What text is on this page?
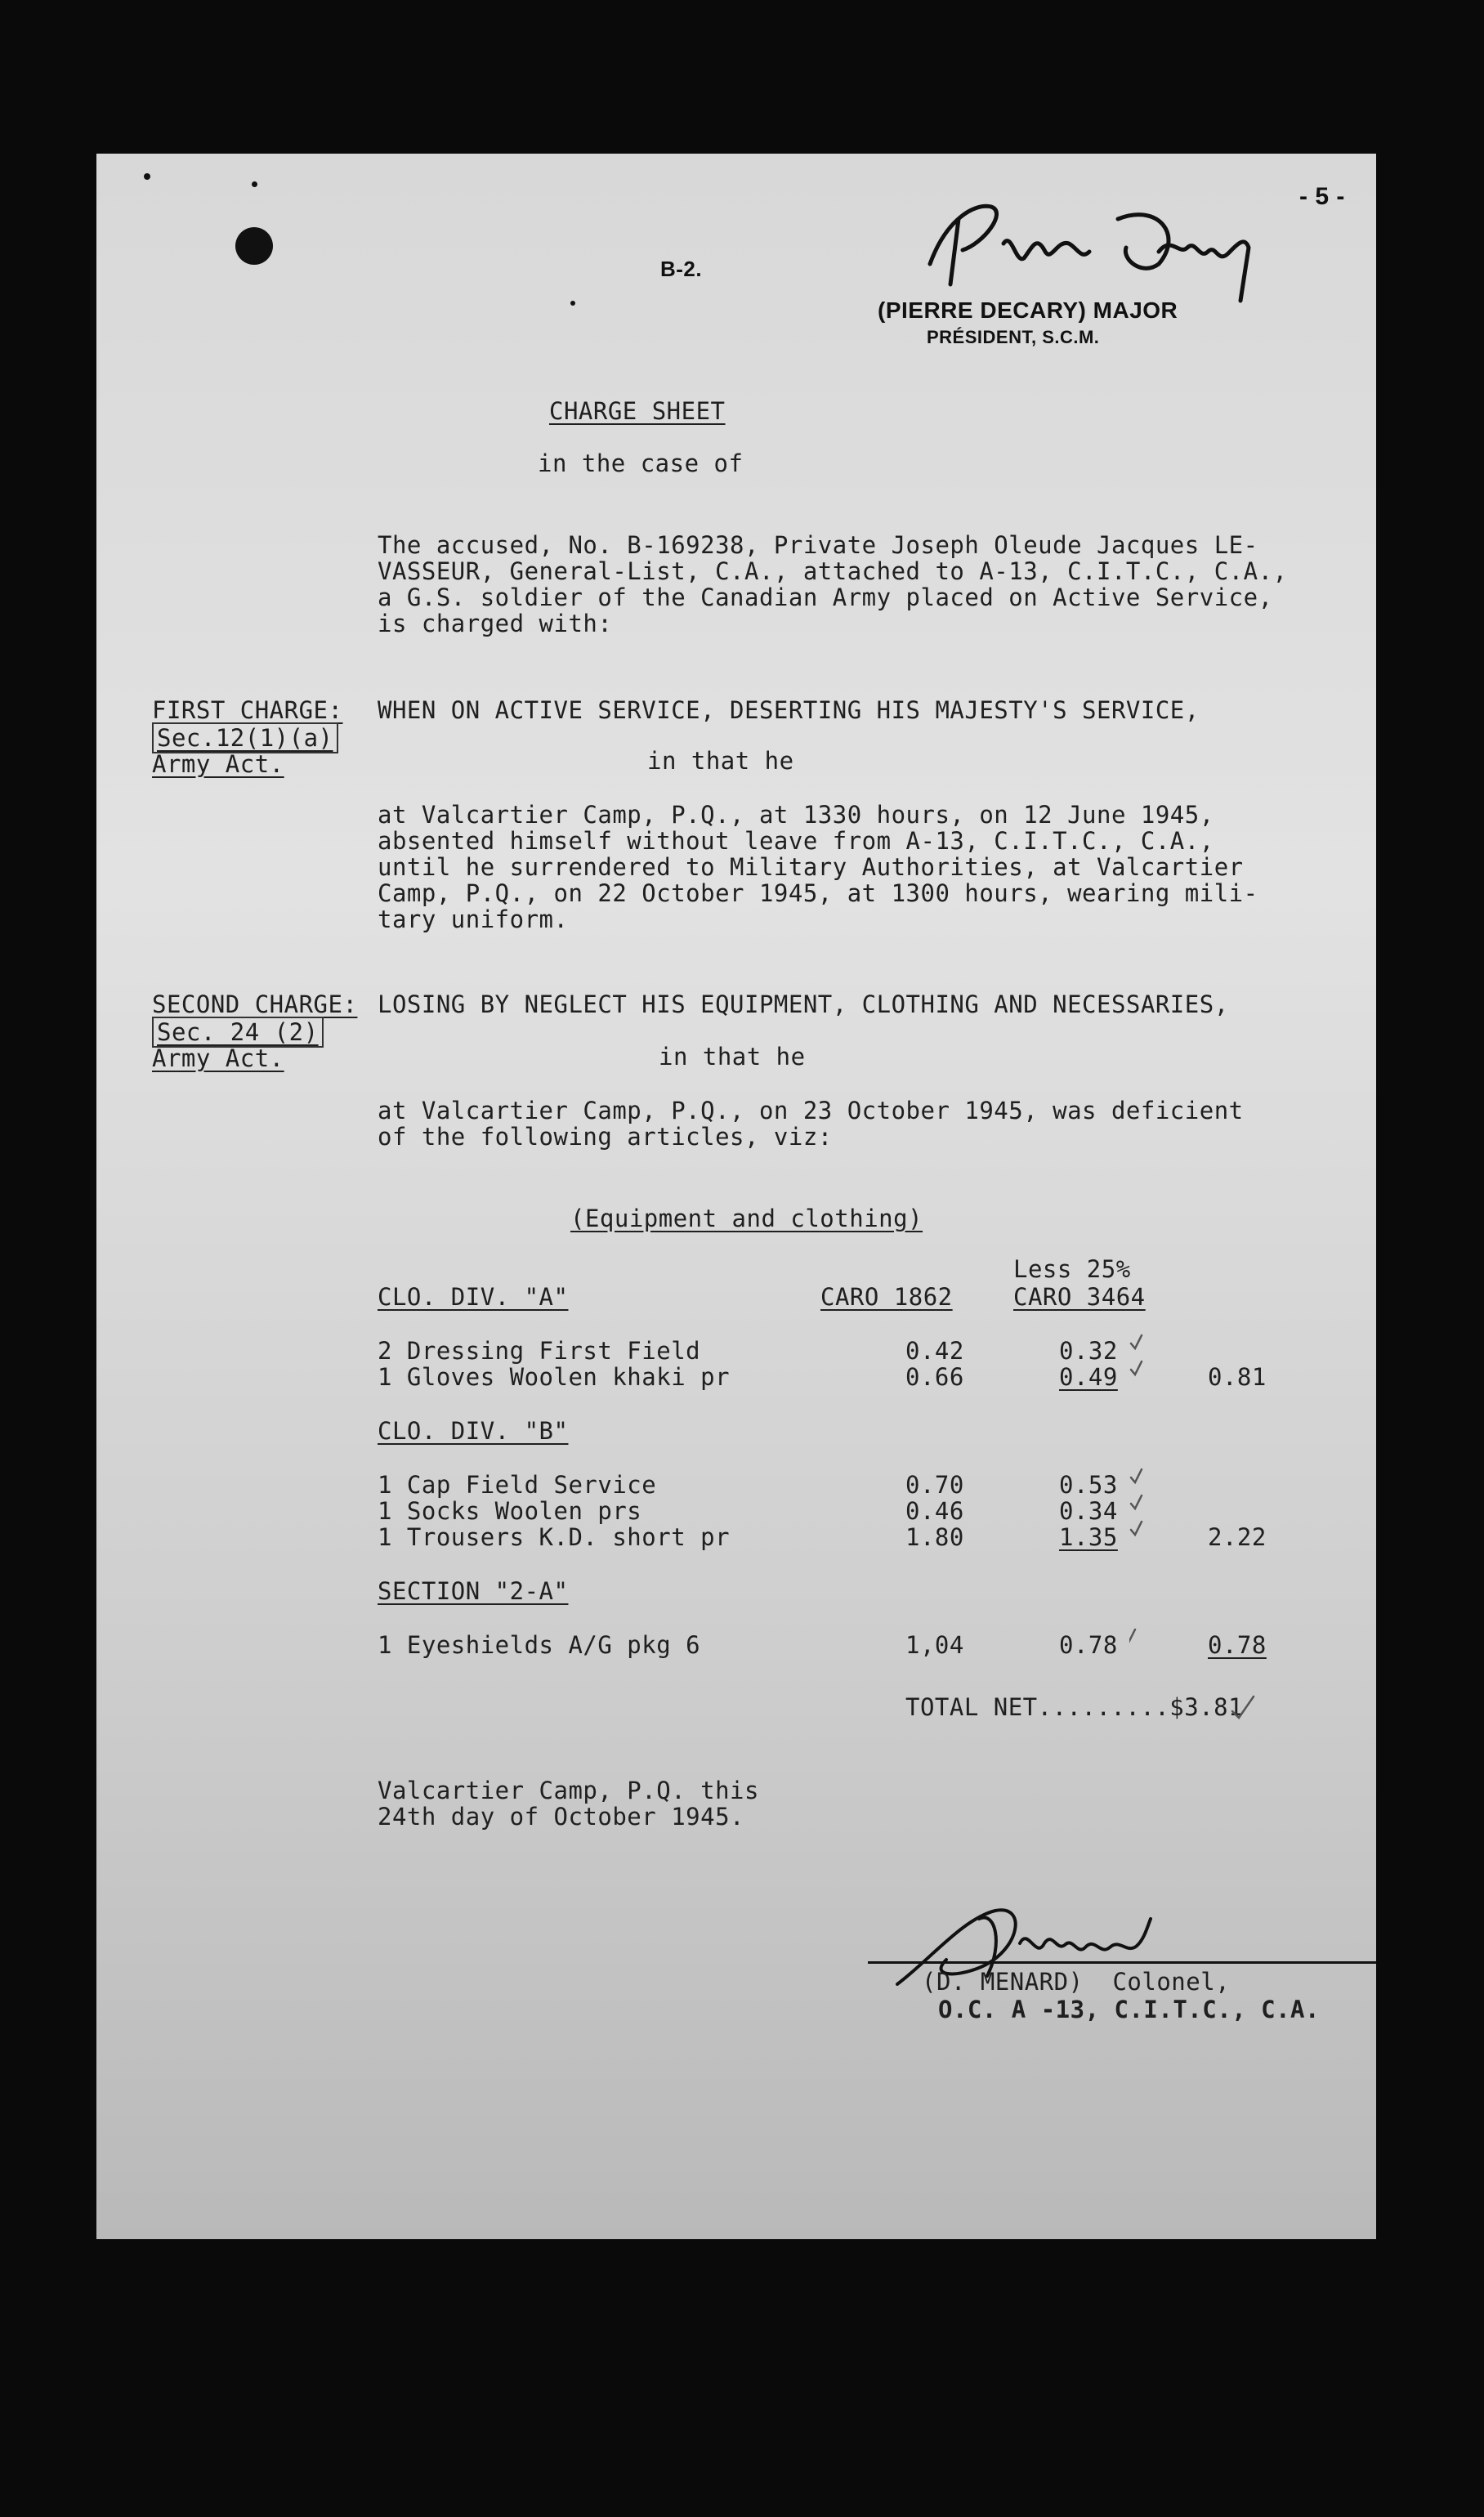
- 5 -
B-2.
(PIERRE DECARY) MAJOR
PRÉSIDENT, S.C.M.
CHARGE SHEET
in the case of
The accused, No. B-169238, Private Joseph Oleude Jacques LE-
VASSEUR, General-List, C.A., attached to A-13, C.I.T.C., C.A.,
a G.S. soldier of the Canadian Army placed on Active Service,
is charged with:
FIRST CHARGE:
Sec.12(1)(a)
Army Act.
WHEN ON ACTIVE SERVICE, DESERTING HIS MAJESTY'S SERVICE,
in that he
at Valcartier Camp, P.Q., at 1330 hours, on 12 June 1945,
absented himself without leave from A-13, C.I.T.C., C.A.,
until he surrendered to Military Authorities, at Valcartier
Camp, P.Q., on 22 October 1945, at 1300 hours, wearing mili-
tary uniform.
SECOND CHARGE:
Sec. 24 (2)
Army Act.
LOSING BY NEGLECT HIS EQUIPMENT, CLOTHING AND NECESSARIES,
in that he
at Valcartier Camp, P.Q., on 23 October 1945, was deficient
of the following articles, viz:
(Equipment and clothing)
Less 25%
CLO. DIV. "A"	CARO 1862	CARO 3464
2 Dressing First Field	0.42	0.32
1 Gloves Woolen khaki pr	0.66	0.49	0.81
CLO. DIV. "B"
1 Cap Field Service	0.70	0.53
1 Socks Woolen prs	0.46	0.34
1 Trousers K.D. short pr	1.80	1.35	2.22
SECTION "2-A"
1 Eyeshields A/G pkg 6	1,04	0.78	0.78
TOTAL NET.........$3.81
Valcartier Camp, P.Q. this
24th day of October 1945.
(D. MENARD)  Colonel,
O.C. A -13, C.I.T.C., C.A.
